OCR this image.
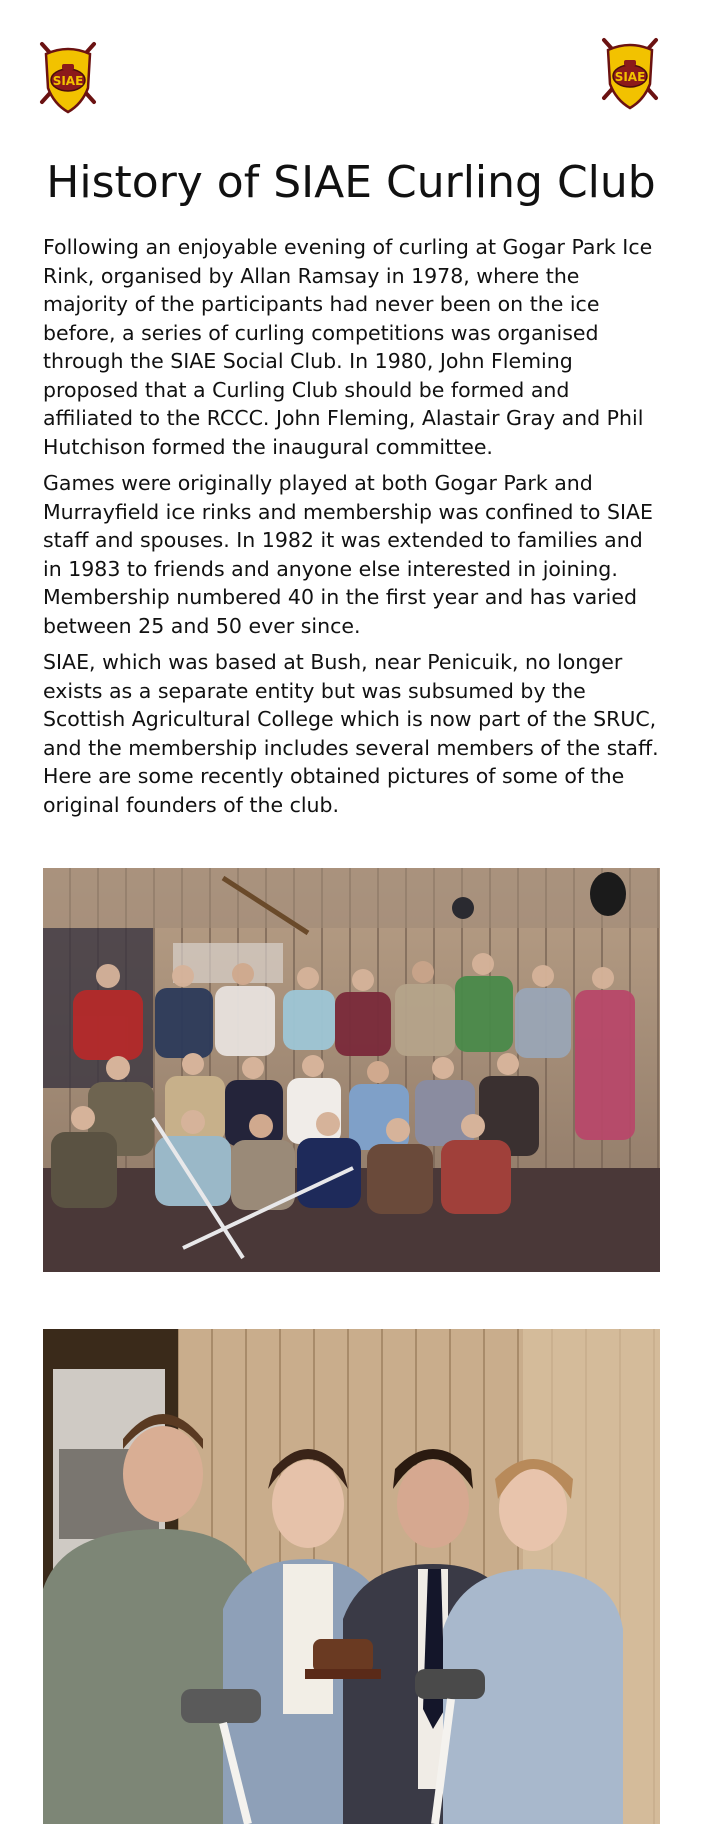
SIAE	SIAE
History of SIAE Curling Club

Following an enjoyable evening of curling at Gogar Park Ice Rink, organised by Allan Ramsay in 1978, where the majority of the participants had never been on the ice before, a series of curling competitions was organised through the SIAE Social Club. In 1980, John Fleming proposed that a Curling Club should be formed and affiliated to the RCCC. John Fleming, Alastair Gray and Phil Hutchison formed the inaugural committee.

Games were originally played at both Gogar Park and Murrayfield ice rinks and membership was confined to SIAE staff and spouses. In 1982 it was extended to families and in 1983 to friends and anyone else interested in joining. Membership numbered 40 in the first year and has varied between 25 and 50 ever since.

SIAE, which was based at Bush, near Penicuik, no longer exists as a separate entity but was subsumed by the Scottish Agricultural College which is now part of the SRUC, and the membership includes several members of the staff. Here are some recently obtained pictures of some of the original founders of the club.
